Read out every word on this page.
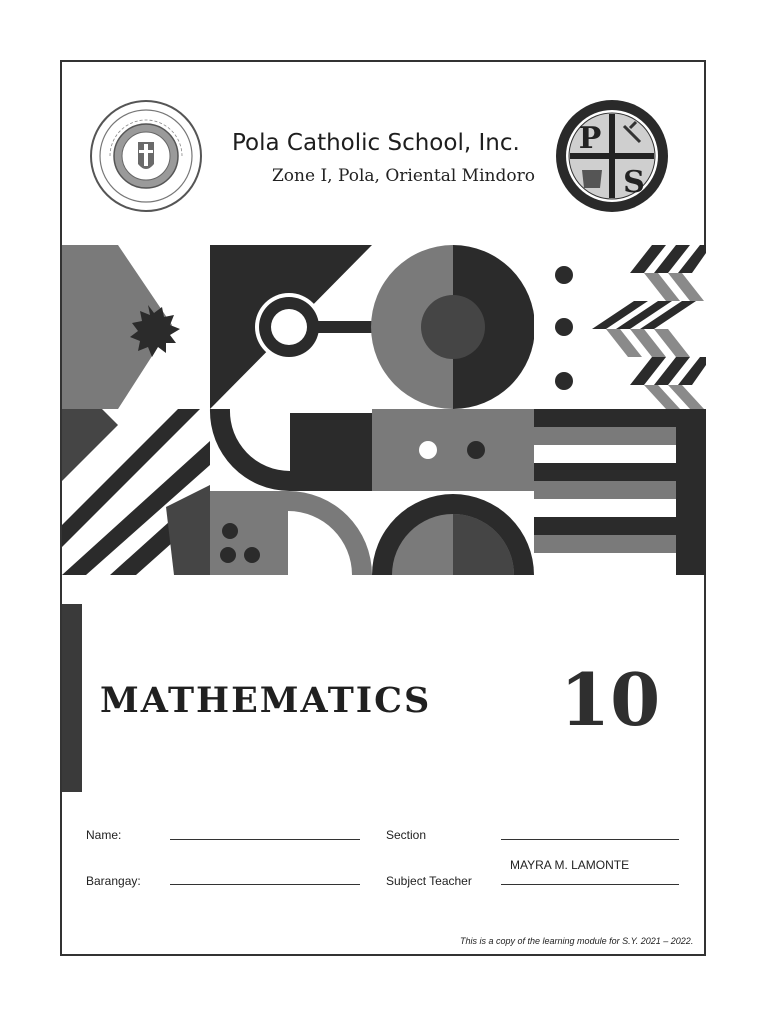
P
S
Pola Catholic School, Inc.
Zone I, Pola, Oriental Mindoro
MATHEMATICS 10
Name:	Section
Barangay:	Subject Teacher
MAYRA M. LAMONTE
This is a copy of the learning module for S.Y. 2021 – 2022.
